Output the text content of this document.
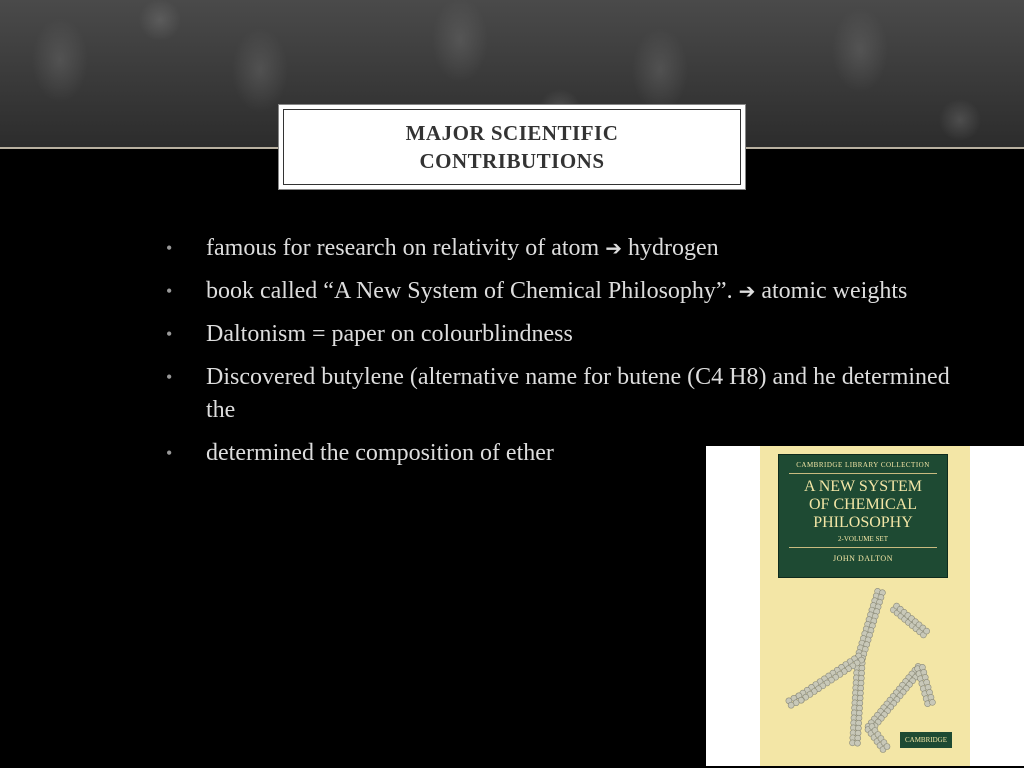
MAJOR SCIENTIFIC
CONTRIBUTIONS
• famous for research on relativity of atom ➔ hydrogen
• book called “A New System of Chemical Philosophy”. ➔ atomic weights
• Daltonism = paper on colourblindness
• Discovered butylene (alternative name for butene (C4 H8) and he determined the
• determined the composition of ether	CAMBRIDGE LIBRARY COLLECTION
A NEW SYSTEM
OF CHEMICAL
PHILOSOPHY
2-VOLUME SET
JOHN DALTON
CAMBRIDGE
